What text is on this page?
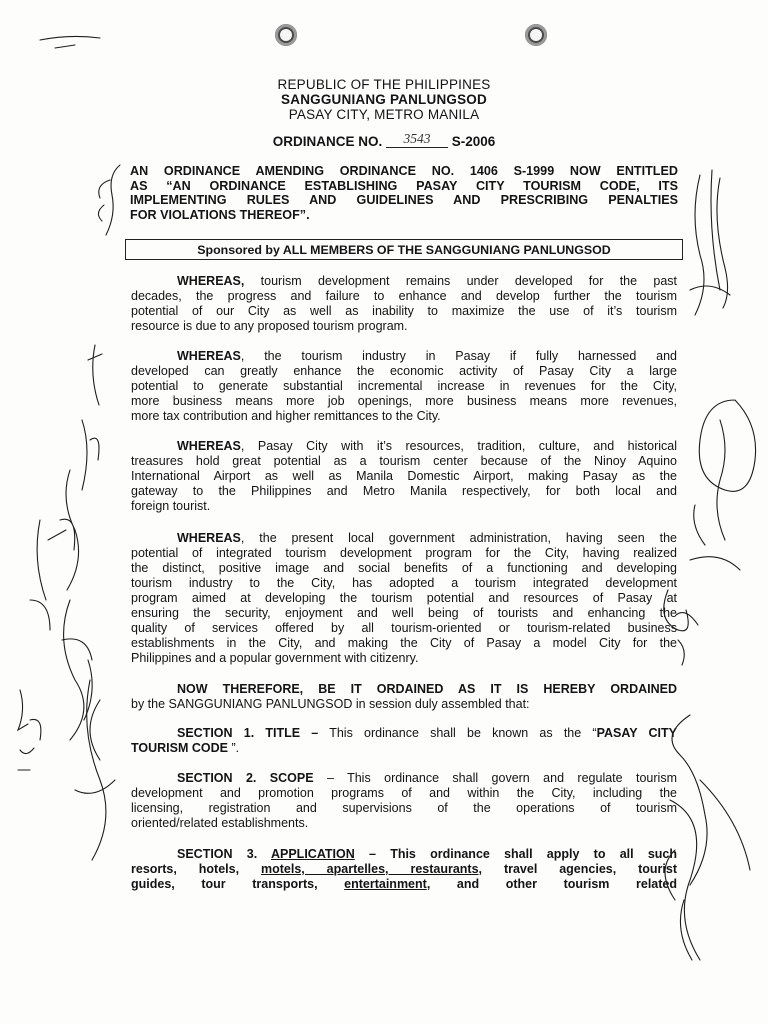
REPUBLIC OF THE PHILIPPINES
SANGGUNIANG PANLUNGSOD
PASAY CITY, METRO MANILA
ORDINANCE NO. 3543 S-2006
AN ORDINANCE AMENDING ORDINANCE NO. 1406 S-1999 NOW ENTITLED
AS “AN ORDINANCE ESTABLISHING PASAY CITY TOURISM CODE, ITS
IMPLEMENTING RULES AND GUIDELINES AND PRESCRIBING PENALTIES
FOR VIOLATIONS THEREOF”.
Sponsored by ALL MEMBERS OF THE SANGGUNIANG PANLUNGSOD
WHEREAS, tourism development remains under developed for the past
decades, the progress and failure to enhance and develop further the tourism
potential of our City as well as inability to maximize the use of it’s tourism
resource is due to any proposed tourism program.
WHEREAS, the tourism industry in Pasay if fully harnessed and
developed can greatly enhance the economic activity of Pasay City a large
potential to generate substantial incremental increase in revenues for the City,
more business means more job openings, more business means more revenues,
more tax contribution and higher remittances to the City.
WHEREAS, Pasay City with it’s resources, tradition, culture, and historical
treasures hold great potential as a tourism center because of the Ninoy Aquino
International Airport as well as Manila Domestic Airport, making Pasay as the
gateway to the Philippines and Metro Manila respectively, for both local and
foreign tourist.
WHEREAS, the present local government administration, having seen the
potential of integrated tourism development program for the City, having realized
the distinct, positive image and social benefits of a functioning and developing
tourism industry to the City, has adopted a tourism integrated development
program aimed at developing the tourism potential and resources of Pasay at
ensuring the security, enjoyment and well being of tourists and enhancing the
quality of services offered by all tourism-oriented or tourism-related business
establishments in the City, and making the City of Pasay a model City for the
Philippines and a popular government with citizenry.
NOW THEREFORE, BE IT ORDAINED AS IT IS HEREBY ORDAINED
by the SANGGUNIANG PANLUNGSOD in session duly assembled that:
SECTION 1. TITLE – This ordinance shall be known as the “PASAY CITY
TOURISM CODE ”.
SECTION 2. SCOPE – This ordinance shall govern and regulate tourism
development and promotion programs of and within the City, including the
licensing, registration and supervisions of the operations of tourism
oriented/related establishments.
SECTION 3. APPLICATION – This ordinance shall apply to all such
resorts, hotels, motels, apartelles, restaurants, travel agencies, tourist
guides, tour transports, entertainment, and other tourism related
